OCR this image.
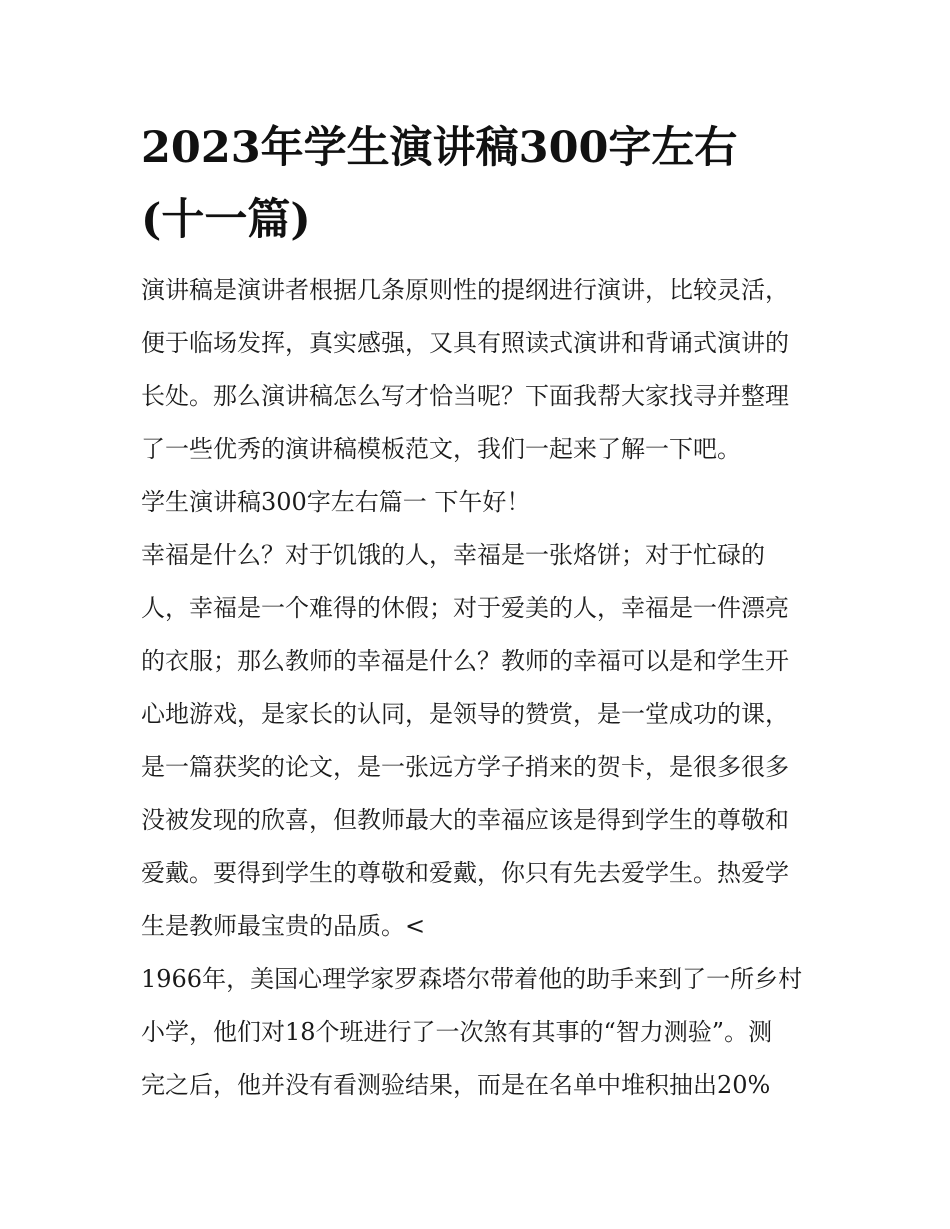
2023年学生演讲稿300字左右
(十一篇)
演讲稿是演讲者根据几条原则性的提纲进行演讲，比较灵活，
便于临场发挥，真实感强，又具有照读式演讲和背诵式演讲的
长处。那么演讲稿怎么写才恰当呢？下面我帮大家找寻并整理
了一些优秀的演讲稿模板范文，我们一起来了解一下吧。
学生演讲稿300字左右篇一 下午好！
幸福是什么？对于饥饿的人，幸福是一张烙饼；对于忙碌的
人，幸福是一个难得的休假；对于爱美的人，幸福是一件漂亮
的衣服；那么教师的幸福是什么？教师的幸福可以是和学生开
心地游戏，是家长的认同，是领导的赞赏，是一堂成功的课，
是一篇获奖的论文，是一张远方学子捎来的贺卡，是很多很多
没被发现的欣喜，但教师最大的幸福应该是得到学生的尊敬和
爱戴。要得到学生的尊敬和爱戴，你只有先去爱学生。热爱学
生是教师最宝贵的品质。<
1966年，美国心理学家罗森塔尔带着他的助手来到了一所乡村
小学，他们对18个班进行了一次煞有其事的“智力测验”。测
完之后，他并没有看测验结果，而是在名单中堆积抽出20%
